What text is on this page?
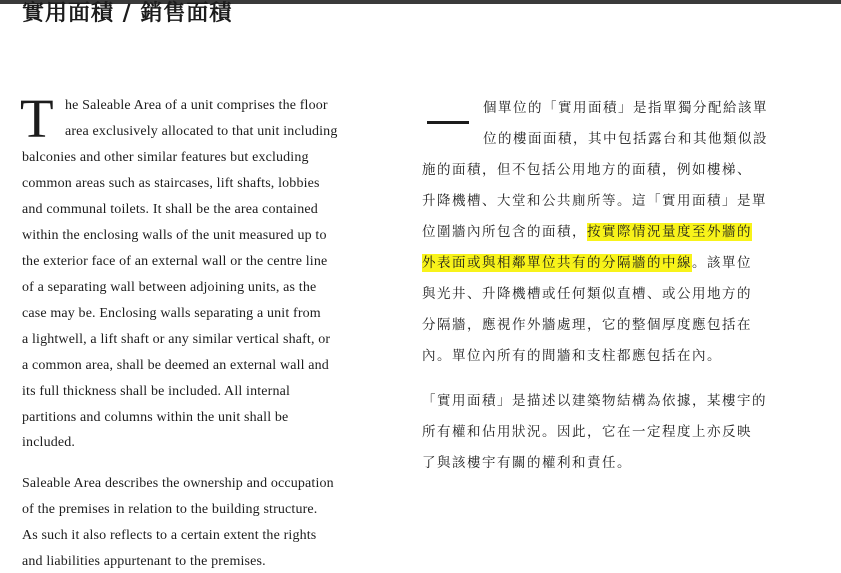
實用面積 / 銷售面積
T he Saleable Area of a unit comprises the floor
area exclusively allocated to that unit including
balconies and other similar features but excluding
common areas such as staircases, lift shafts, lobbies
and communal toilets. It shall be the area contained
within the enclosing walls of the unit measured up to
the exterior face of an external wall or the centre line
of a separating wall between adjoining units, as the
case may be. Enclosing walls separating a unit from
a lightwell, a lift shaft or any similar vertical shaft, or
a common area, shall be deemed an external wall and
its full thickness shall be included. All internal
partitions and columns within the unit shall be
included.
Saleable Area describes the ownership and occupation
of the premises in relation to the building structure.
As such it also reflects to a certain extent the rights
and liabilities appurtenant to the premises.
個單位的「實用面積」是指單獨分配給該單
位的樓面面積，其中包括露台和其他類似設
施的面積，但不包括公用地方的面積，例如樓梯、
升降機槽、大堂和公共廁所等。這「實用面積」是單
位圍牆內所包含的面積，按實際情況量度至外牆的
外表面或與相鄰單位共有的分隔牆的中線。該單位
與光井、升降機槽或任何類似直槽、或公用地方的
分隔牆，應視作外牆處理，它的整個厚度應包括在
內。單位內所有的間牆和支柱都應包括在內。
「實用面積」是描述以建築物結構為依據，某樓宇的
所有權和佔用狀況。因此，它在一定程度上亦反映
了與該樓宇有關的權利和責任。
